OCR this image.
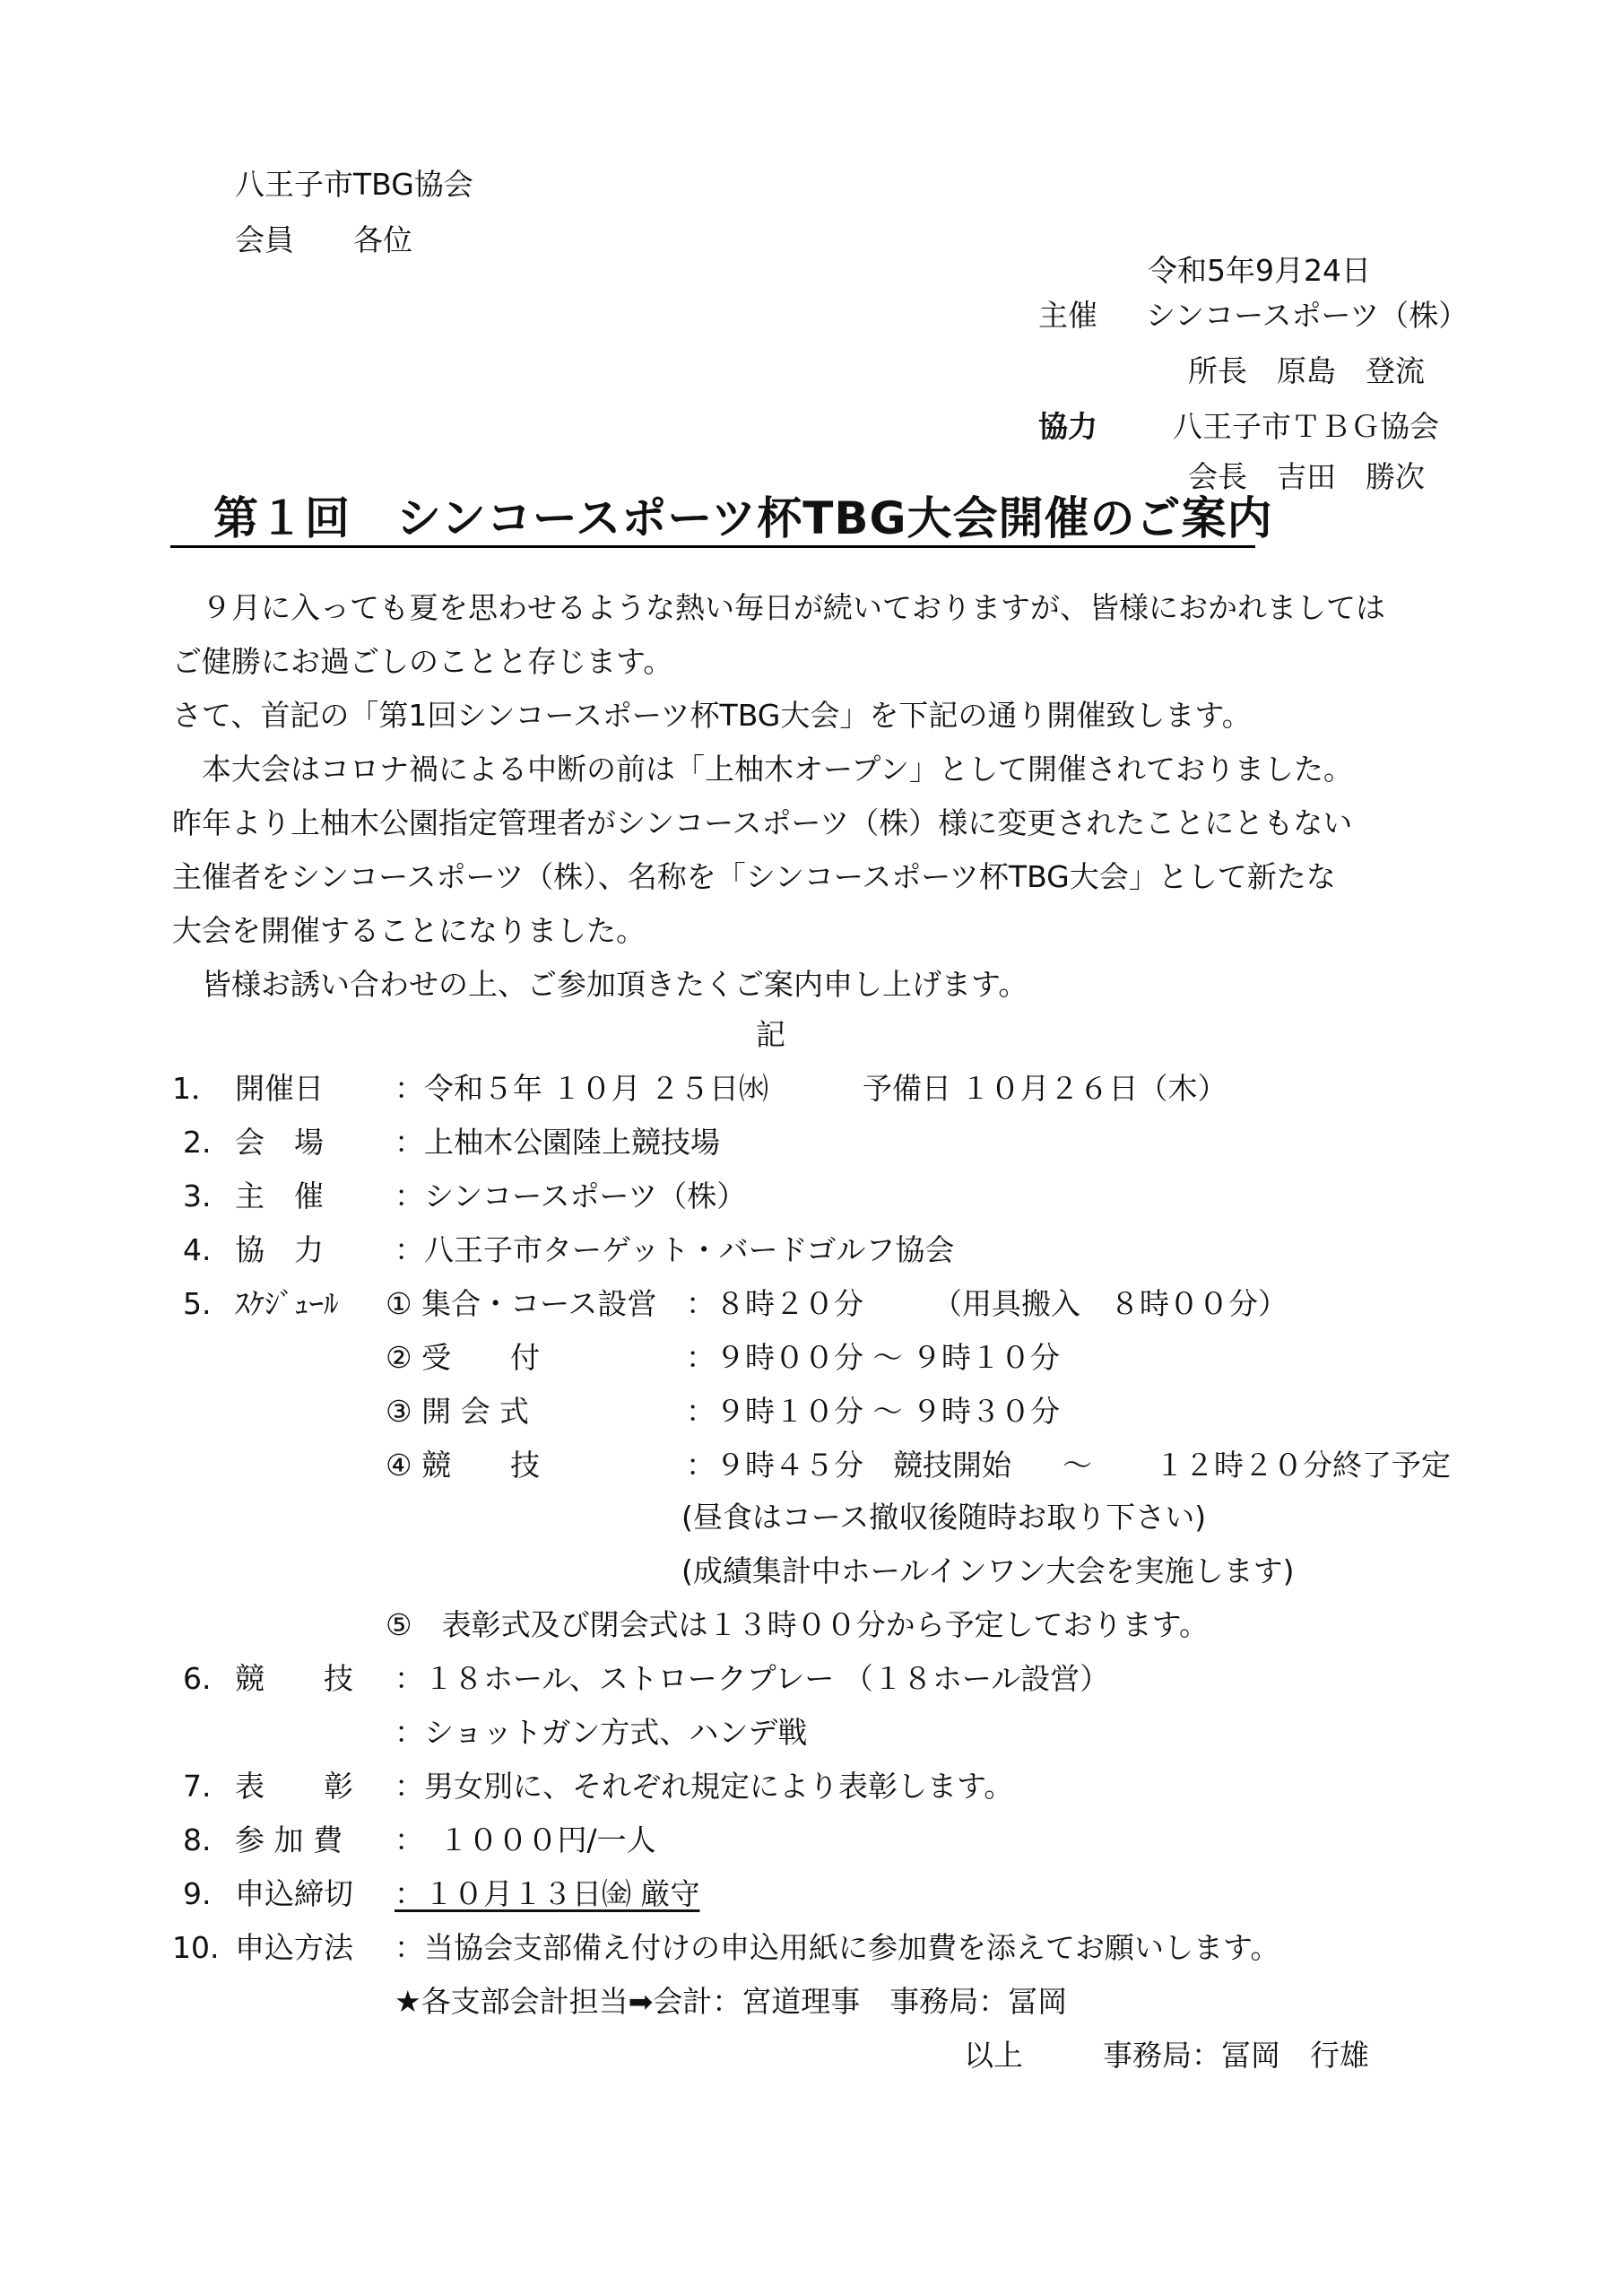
八王子市TBG協会
会員　　各位
令和5年9月24日
主催 シンコースポーツ（株）
所長　原島　登流
協力	八王子市ＴＢＧ協会
会長　吉田　勝次
第１回　シンコースポーツ杯TBG大会開催のご案内
　９月に入っても夏を思わせるような熱い毎日が続いておりますが、皆様におかれましては
ご健勝にお過ごしのことと存じます。
さて、首記の「第1回シンコースポーツ杯TBG大会」を下記の通り開催致します。
　本大会はコロナ禍による中断の前は「上柚木オープン」として開催されておりました。
昨年より上柚木公園指定管理者がシンコースポーツ（株）様に変更されたことにともない
主催者をシンコースポーツ（株）、名称を「シンコースポーツ杯TBG大会」として新たな
大会を開催することになりました。
　皆様お誘い合わせの上、ご参加頂きたくご案内申し上げます。
記
1． 開催日 ：令和５年 １０月 ２５日㈬	予備日 １０月２６日（木）
2. 会　場 ：上柚木公園陸上競技場
3. 主　催 ：シンコースポーツ（株）
4. 協　力 ：八王子市ターゲット・バードゴルフ協会
5. ｽｹｼﾞｭｰﾙ ① 集合・コース設営 ：８時２０分 （用具搬入　８時００分）
② 受　　付	：９時００分 ～ ９時１０分
③ 開 会 式	：９時１０分 ～ ９時３０分
④ 競　　技	：９時４５分　競技開始 ～ １２時２０分終了予定
(昼食はコース撤収後随時お取り下さい)
(成績集計中ホールインワン大会を実施します)
⑤　表彰式及び閉会式は１３時００分から予定しております。
6. 競　　技 ：１８ホール、ストロークプレー （１８ホール設営）
：ショットガン方式、ハンデ戦
7. 表　　彰 ：男女別に、それぞれ規定により表彰します。
8. 参 加 費 ：　１０００円/一人
9. 申込締切 ：１０月１３日㈮ 厳守
10. 申込方法 ：当協会支部備え付けの申込用紙に参加費を添えてお願いします。
★各支部会計担当➡会計：宮道理事　事務局：冨岡
以上	事務局：冨岡　行雄
